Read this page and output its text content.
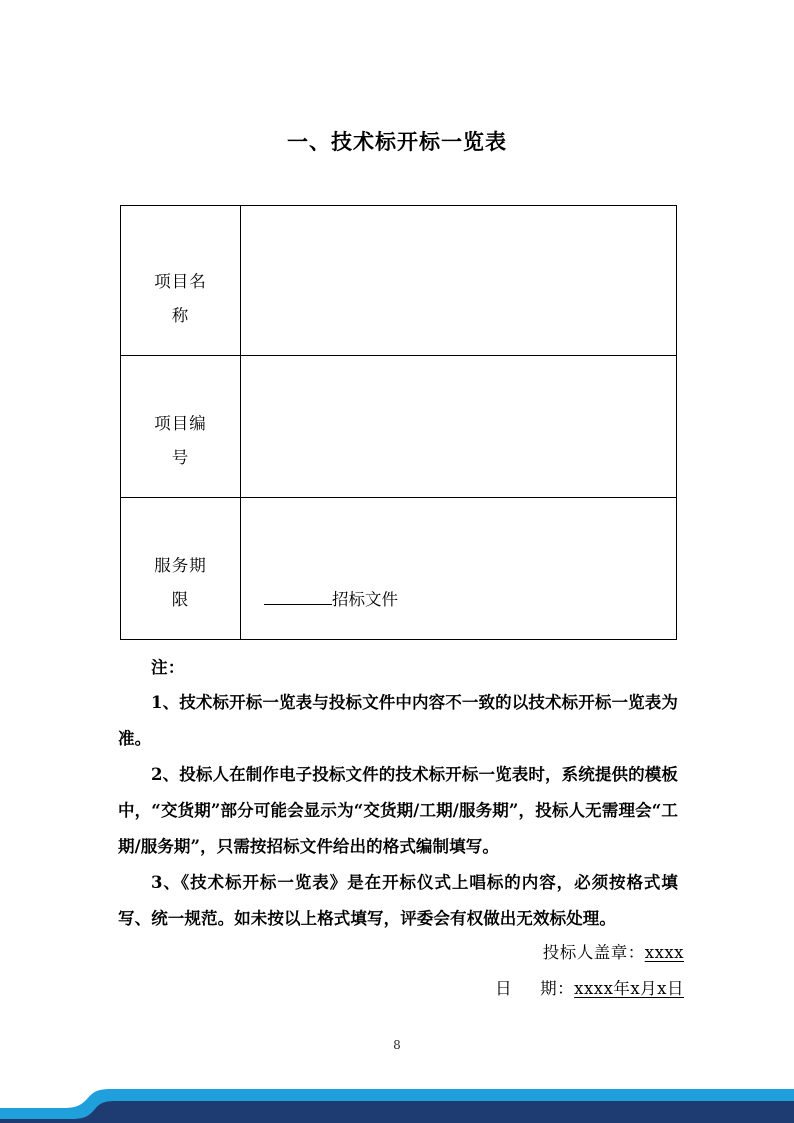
一、技术标开标一览表
项目名
称	

项目编
号	

服务期
限	招标文件

注：

1、技术标开标一览表与投标文件中内容不一致的以技术标开标一览表为准。

2、投标人在制作电子投标文件的技术标开标一览表时，系统提供的模板中，“交货期”部分可能会显示为“交货期/工期/服务期”，投标人无需理会“工期/服务期”，只需按招标文件给出的格式编制填写。

3、《技术标开标一览表》是在开标仪式上唱标的内容，必须按格式填写、统一规范。如未按以上格式填写，评委会有权做出无效标处理。

投标人盖章：xxxx
日 期：xxxx年x月x日
8
